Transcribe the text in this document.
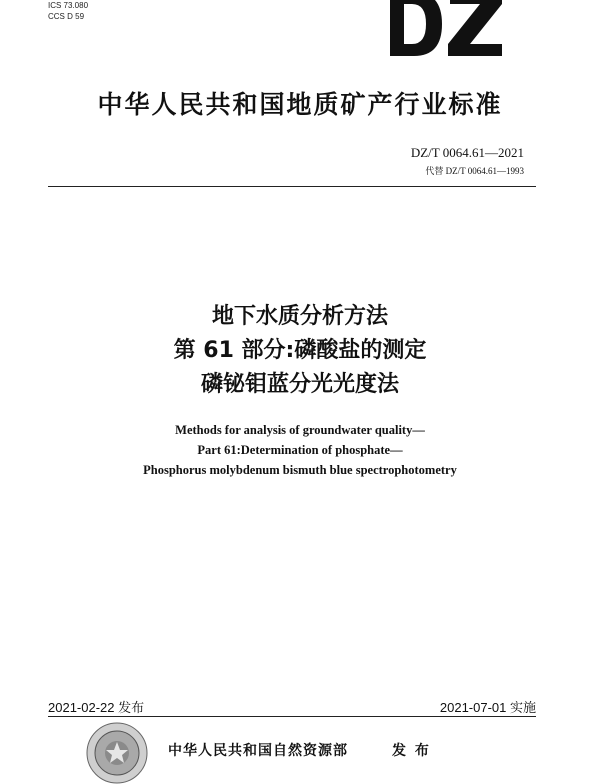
ICS 73.080
CCS D 59
中华人民共和国地质矿产行业标准
DZ/T 0064.61—2021
代替 DZ/T 0064.61—1993
地下水质分析方法
第 61 部分:磷酸盐的测定
磷铋钼蓝分光光度法
Methods for analysis of groundwater quality—
Part 61:Determination of phosphate—
Phosphorus molybdenum bismuth blue spectrophotometry
2021-02-22 发布	2021-07-01 实施
中华人民共和国自然资源部	发 布
